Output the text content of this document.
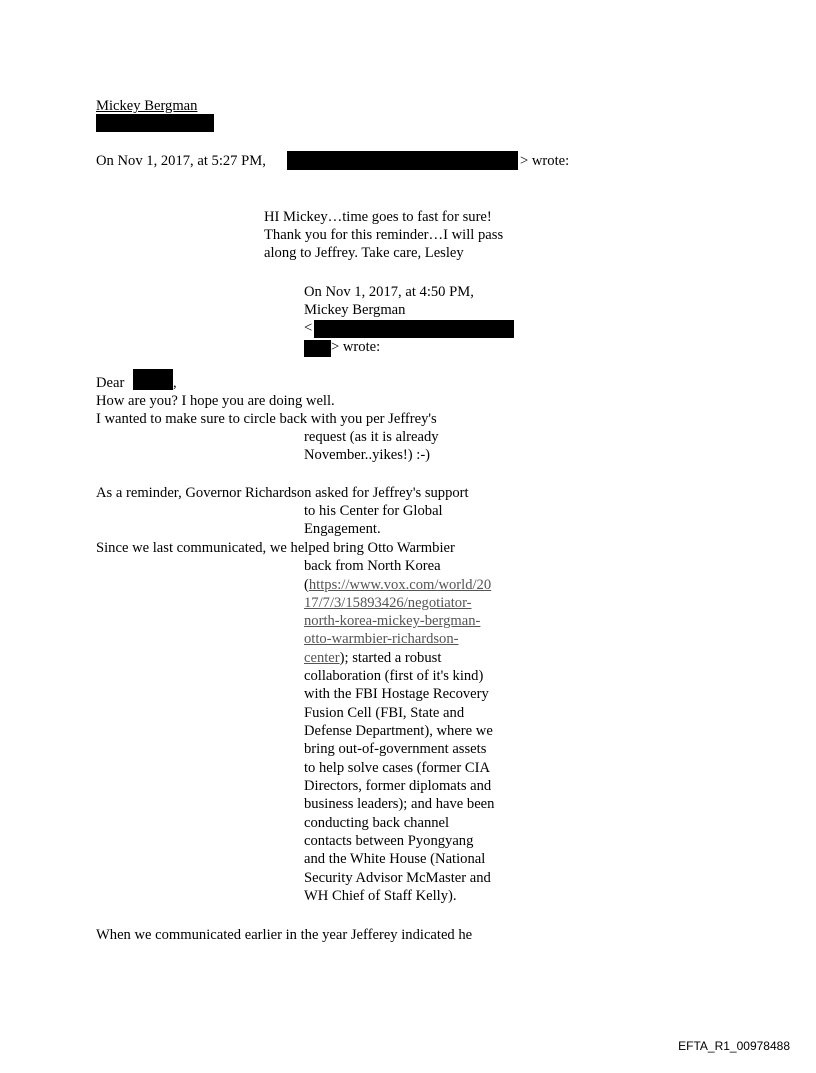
Mickey Bergman
On Nov 1, 2017, at 5:27 PM,	> wrote:
HI Mickey…time goes to fast for sure!
Thank you for this reminder…I will pass
along to Jeffrey. Take care, Lesley
On Nov 1, 2017, at 4:50 PM,
Mickey Bergman
<
> wrote:
Dear	,
How are you? I hope you are doing well.
I wanted to make sure to circle back with you per Jeffrey's
request (as it is already
November..yikes!) :-)
As a reminder, Governor Richardson asked for Jeffrey's support
to his Center for Global
Engagement.
Since we last communicated, we helped bring Otto Warmbier
back from North Korea
(https://www.vox.com/world/20
17/7/3/15893426/negotiator-
north-korea-mickey-bergman-
otto-warmbier-richardson-
center); started a robust
collaboration (first of it's kind)
with the FBI Hostage Recovery
Fusion Cell (FBI, State and
Defense Department), where we
bring out-of-government assets
to help solve cases (former CIA
Directors, former diplomats and
business leaders); and have been
conducting back channel
contacts between Pyongyang
and the White House (National
Security Advisor McMaster and
WH Chief of Staff Kelly).
When we communicated earlier in the year Jefferey indicated he
EFTA_R1_00978488
